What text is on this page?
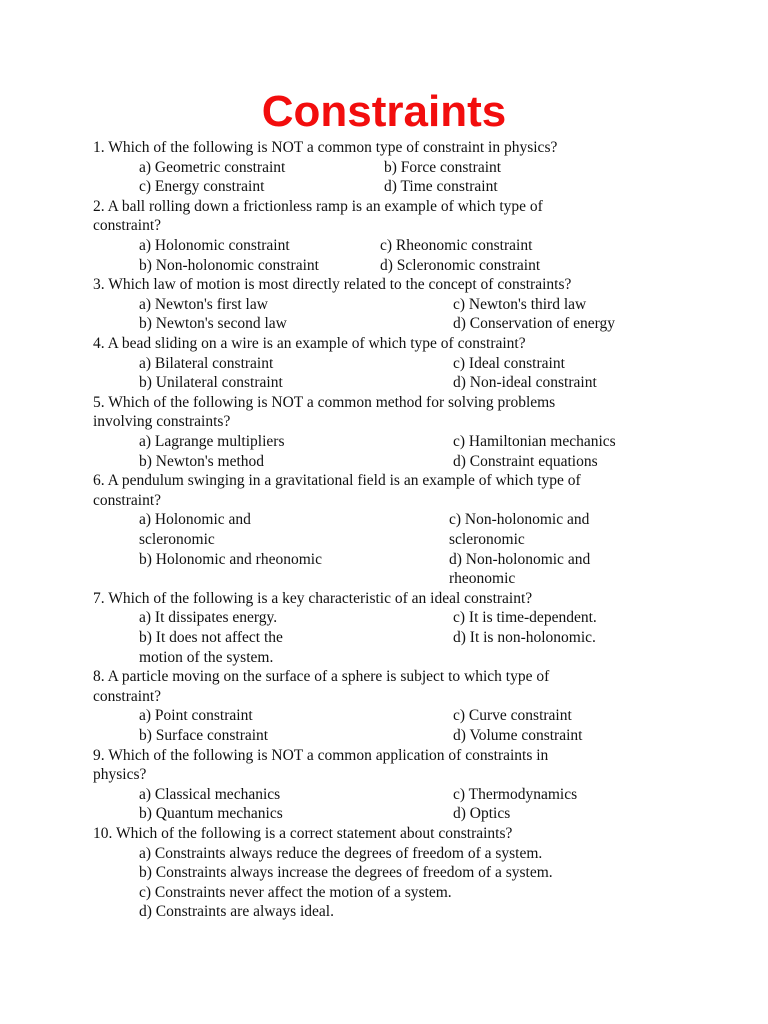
Constraints
1. Which of the following is NOT a common type of constraint in physics?
a) Geometric constraint	b) Force constraint
c) Energy constraint	d) Time constraint
2. A ball rolling down a frictionless ramp is an example of which type of
constraint?
a) Holonomic constraint	c) Rheonomic constraint
b) Non-holonomic constraint	d) Scleronomic constraint
3. Which law of motion is most directly related to the concept of constraints?
a) Newton's first law	c) Newton's third law
b) Newton's second law	d) Conservation of energy
4. A bead sliding on a wire is an example of which type of constraint?
a) Bilateral constraint	c) Ideal constraint
b) Unilateral constraint	d) Non-ideal constraint
5. Which of the following is NOT a common method for solving problems
involving constraints?
a) Lagrange multipliers	c) Hamiltonian mechanics
b) Newton's method	d) Constraint equations
6. A pendulum swinging in a gravitational field is an example of which type of
constraint?
a) Holonomic and
scleronomic
c) Non-holonomic and
scleronomic
b) Holonomic and rheonomic	d) Non-holonomic and
rheonomic
7. Which of the following is a key characteristic of an ideal constraint?
a) It dissipates energy.	c) It is time-dependent.
b) It does not affect the
motion of the system.
d) It is non-holonomic.
8. A particle moving on the surface of a sphere is subject to which type of
constraint?
a) Point constraint	c) Curve constraint
b) Surface constraint	d) Volume constraint
9. Which of the following is NOT a common application of constraints in
physics?
a) Classical mechanics	c) Thermodynamics
b) Quantum mechanics	d) Optics
10. Which of the following is a correct statement about constraints?
a) Constraints always reduce the degrees of freedom of a system.
b) Constraints always increase the degrees of freedom of a system.
c) Constraints never affect the motion of a system.
d) Constraints are always ideal.
